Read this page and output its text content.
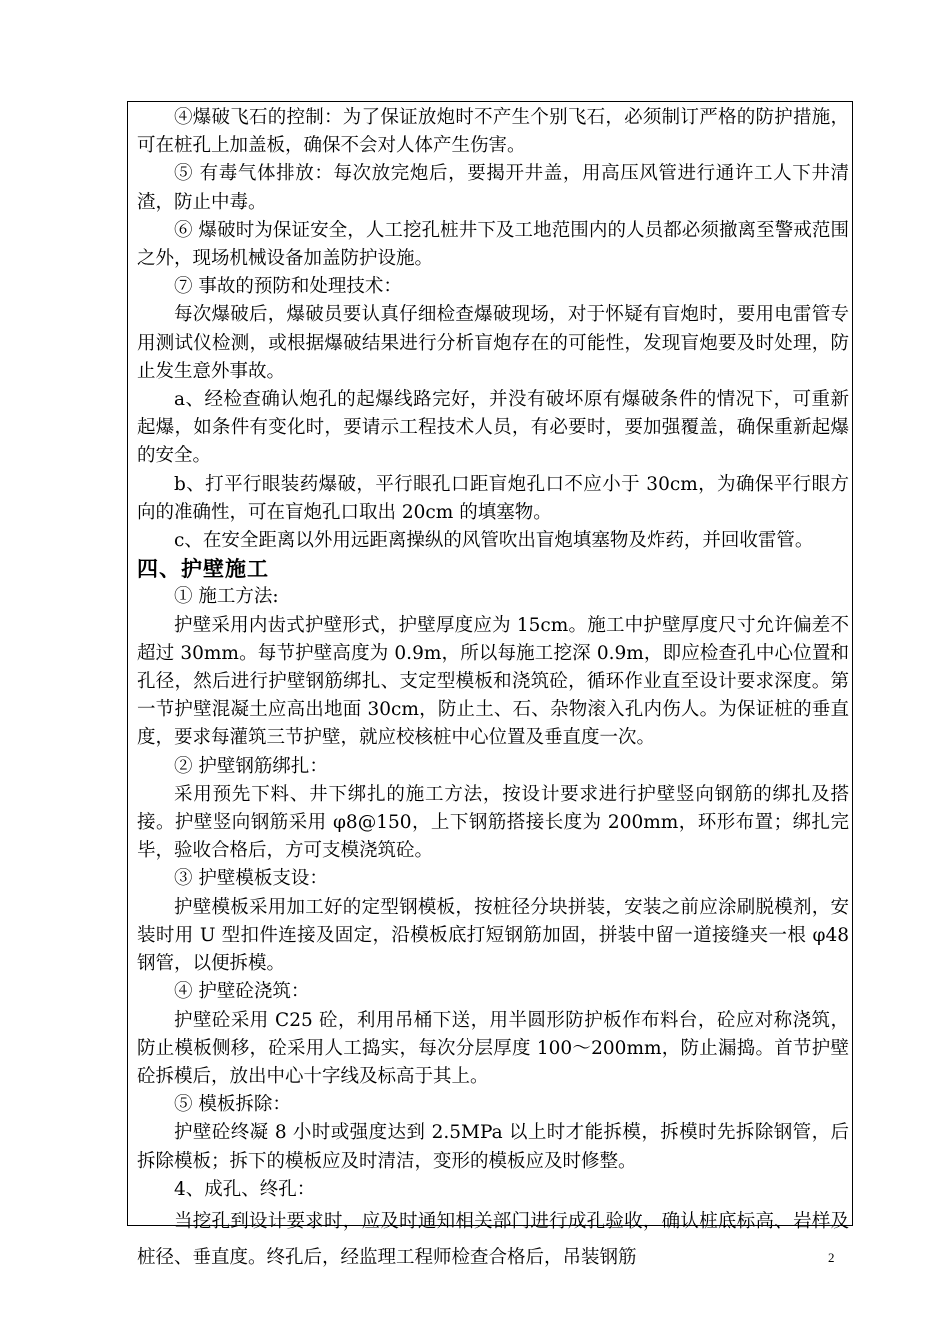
④爆破飞石的控制：为了保证放炮时不产生个别飞石，必须制订严格的防护措施，可在桩孔上加盖板，确保不会对人体产生伤害。

⑤ 有毒气体排放：每次放完炮后，要揭开井盖，用高压风管进行通许工人下井清渣，防止中毒。

⑥ 爆破时为保证安全，人工挖孔桩井下及工地范围内的人员都必须撤离至警戒范围之外，现场机械设备加盖防护设施。

⑦ 事故的预防和处理技术：

每次爆破后，爆破员要认真仔细检查爆破现场，对于怀疑有盲炮时，要用电雷管专用测试仪检测，或根据爆破结果进行分析盲炮存在的可能性，发现盲炮要及时处理，防止发生意外事故。

a、经检查确认炮孔的起爆线路完好，并没有破坏原有爆破条件的情况下，可重新起爆，如条件有变化时，要请示工程技术人员，有必要时，要加强覆盖，确保重新起爆的安全。

b、打平行眼装药爆破，平行眼孔口距盲炮孔口不应小于 30cm，为确保平行眼方向的准确性，可在盲炮孔口取出 20cm 的填塞物。

c、在安全距离以外用远距离操纵的风管吹出盲炮填塞物及炸药，并回收雷管。

四、护壁施工

① 施工方法:

护壁采用内齿式护壁形式，护壁厚度应为 15cm。施工中护壁厚度尺寸允许偏差不超过 30mm。每节护壁高度为 0.9m，所以每施工挖深 0.9m，即应检查孔中心位置和孔径，然后进行护壁钢筋绑扎、支定型模板和浇筑砼，循环作业直至设计要求深度。第一节护壁混凝土应高出地面 30cm，防止土、石、杂物滚入孔内伤人。为保证桩的垂直度，要求每灌筑三节护壁，就应校核桩中心位置及垂直度一次。

② 护壁钢筋绑扎：

采用预先下料、井下绑扎的施工方法，按设计要求进行护壁竖向钢筋的绑扎及搭接。护壁竖向钢筋采用 φ8@150，上下钢筋搭接长度为 200mm，环形布置；绑扎完毕，验收合格后，方可支模浇筑砼。

③ 护壁模板支设：

护壁模板采用加工好的定型钢模板，按桩径分块拼装，安装之前应涂刷脱模剂，安装时用 U 型扣件连接及固定，沿模板底打短钢筋加固，拼装中留一道接缝夹一根 φ48 钢管，以便拆模。

④ 护壁砼浇筑：

护壁砼采用 C25 砼，利用吊桶下送，用半圆形防护板作布料台，砼应对称浇筑，防止模板侧移，砼采用人工捣实，每次分层厚度 100～200mm，防止漏捣。首节护壁砼拆模后，放出中心十字线及标高于其上。

⑤ 模板拆除：

护壁砼终凝 8 小时或强度达到 2.5MPa 以上时才能拆模，拆模时先拆除钢管，后拆除模板；拆下的模板应及时清洁，变形的模板应及时修整。

4、成孔、终孔：

当挖孔到设计要求时，应及时通知相关部门进行成孔验收，确认桩底标高、岩样及桩径、垂直度。终孔后，经监理工程师检查合格后，吊装钢筋	2
